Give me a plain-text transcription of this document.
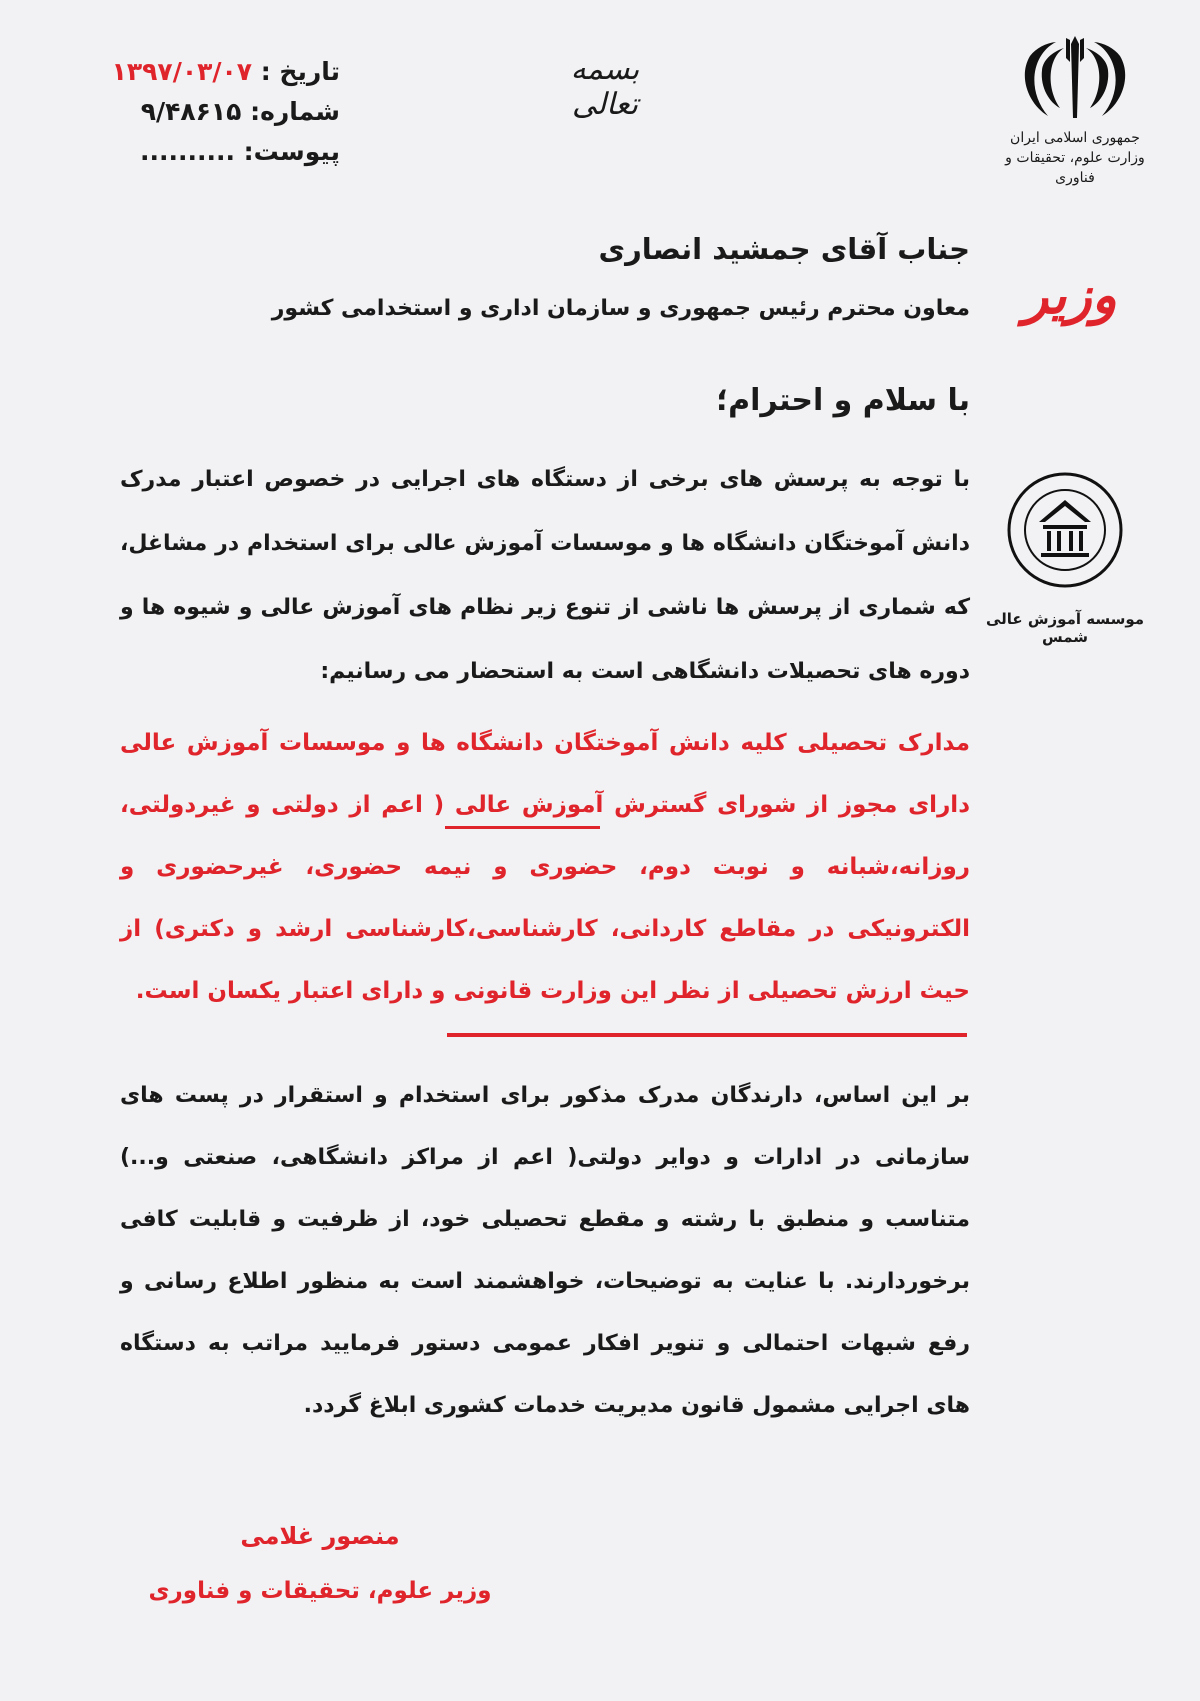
تاریخ : ۱۳۹۷/۰۳/۰۷
شماره: ۹/۴۸۶۱۵
پیوست: ..........
بسمه تعالی
جمهوری اسلامی ایران
وزارت علوم، تحقیقات و فناوری
وزیر
موسسه آموزش عالی شمس
جناب آقای جمشید انصاری
معاون محترم رئیس جمهوری و سازمان اداری و استخدامی کشور
با سلام و احترام؛
با توجه به پرسش های برخی از دستگاه های اجرایی در خصوص اعتبار مدرک دانش آموختگان دانشگاه ها و موسسات آموزش عالی برای استخدام در مشاغل، که شماری از پرسش ها ناشی از تنوع زیر نظام های آموزش عالی و شیوه ها و دوره های تحصیلات دانشگاهی است به استحضار می رسانیم:
مدارک تحصیلی کلیه دانش آموختگان دانشگاه ها و موسسات آموزش عالی دارای مجوز از شورای گسترش آموزش عالی ( اعم از دولتی و غیردولتی، روزانه،شبانه و نوبت دوم، حضوری و نیمه حضوری، غیرحضوری و الکترونیکی در مقاطع کاردانی، کارشناسی،کارشناسی ارشد و دکتری) از حیث ارزش تحصیلی از نظر این وزارت قانونی و دارای اعتبار یکسان است.
بر این اساس، دارندگان مدرک مذکور برای استخدام و استقرار در پست های سازمانی در ادارات و دوایر دولتی( اعم از مراکز دانشگاهی، صنعتی و...) متناسب و منطبق با رشته و مقطع تحصیلی خود، از ظرفیت و قابلیت کافی برخوردارند. با عنایت به توضیحات، خواهشمند است به منظور اطلاع رسانی و رفع شبهات احتمالی و تنویر افکار عمومی دستور فرمایید مراتب به دستگاه های اجرایی مشمول قانون مدیریت خدمات کشوری ابلاغ گردد.
منصور غلامی
وزیر علوم، تحقیقات و فناوری
